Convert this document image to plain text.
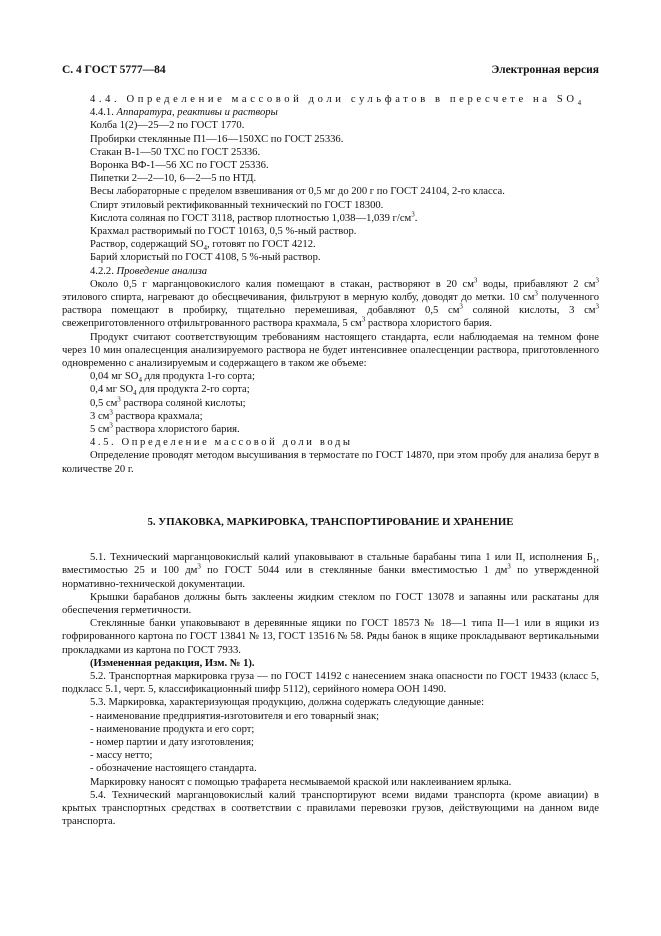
С. 4 ГОСТ 5777—84	Электронная версия

4.4. Определение массовой доли сульфатов в пересчете на $SO_4$

4.4.1. Аппаратура, реактивы и растворы

Колба 1(2)—25—2 по ГОСТ 1770.

Пробирки стеклянные П1—16—150ХС по ГОСТ 25336.

Стакан В-1—50 ТХС по ГОСТ 25336.

Воронка ВФ-1—56 ХС по ГОСТ 25336.

Пипетки 2—2—10, 6—2—5 по НТД.

Весы лабораторные с пределом взвешивания от 0,5 мг до 200 г по ГОСТ 24104, 2-го класса.

Спирт этиловый ректификованный технический по ГОСТ 18300.

Кислота соляная по ГОСТ 3118, раствор плотностью 1,038—1,039 $г/см^3$.

Крахмал растворимый по ГОСТ 10163, 0,5 %-ный раствор.

Раствор, содержащий $SO_4$, готовят по ГОСТ 4212.

Барий хлористый по ГОСТ 4108, 5 %-ный раствор.

4.2.2. Проведение анализа

Около 0,5 г марганцовокислого калия помещают в стакан, растворяют в 20 $см^3$ воды, прибавляют 2 $см^3$ этилового спирта, нагревают до обесцвечивания, фильтруют в мерную колбу, доводят до метки. 10 $см^3$ полученного раствора помещают в пробирку, тщательно перемешивая, добавляют 0,5 $см^3$ соляной кислоты, 3 $см^3$ свежеприготовленного отфильтрованного раствора крахмала, 5 $см^3$ раствора хлористого бария.

Продукт считают соответствующим требованиям настоящего стандарта, если наблюдаемая на темном фоне через 10 мин опалесценция анализируемого раствора не будет интенсивнее опалесценции раствора, приготовленного одновременно с анализируемым и содержащего в таком же объеме:

0,04 мг $SO_4$ для продукта 1-го сорта;

0,4 мг $SO_4$ для продукта 2-го сорта;

0,5 $см^3$ раствора соляной кислоты;

3 $см^3$ раствора крахмала;

5 $см^3$ раствора хлористого бария.

4.5. Определение массовой доли воды

Определение проводят методом высушивания в термостате по ГОСТ 14870, при этом пробу для анализа берут в количестве 20 г.

5. УПАКОВКА, МАРКИРОВКА, ТРАНСПОРТИРОВАНИЕ И ХРАНЕНИЕ

5.1. Технический марганцовокислый калий упаковывают в стальные барабаны типа 1 или II, исполнения $Б_1$, вместимостью 25 и 100 $дм^3$ по ГОСТ 5044 или в стеклянные банки вместимостью 1 $дм^3$ по утвержденной нормативно-технической документации.

Крышки барабанов должны быть заклеены жидким стеклом по ГОСТ 13078 и запаяны или раскатаны для обеспечения герметичности.

Стеклянные банки упаковывают в деревянные ящики по ГОСТ 18573 № 18—1 типа II—1 или в ящики из гофрированного картона по ГОСТ 13841 № 13, ГОСТ 13516 № 58. Ряды банок в ящике прокладывают вертикальными прокладками из картона по ГОСТ 7933.

(Измененная редакция, Изм. № 1).

5.2. Транспортная маркировка груза — по ГОСТ 14192 с нанесением знака опасности по ГОСТ 19433 (класс 5, подкласс 5.1, черт. 5, классификационный шифр 5112), серийного номера ООН 1490.

5.3. Маркировка, характеризующая продукцию, должна содержать следующие данные:

- наименование предприятия-изготовителя и его товарный знак;

- наименование продукта и его сорт;

- номер партии и дату изготовления;

- массу нетто;

- обозначение настоящего стандарта.

Маркировку наносят с помощью трафарета несмываемой краской или наклеиванием ярлыка.

5.4. Технический марганцовокислый калий транспортируют всеми видами транспорта (кроме авиации) в крытых транспортных средствах в соответствии с правилами перевозки грузов, действующими на данном виде транспорта.
